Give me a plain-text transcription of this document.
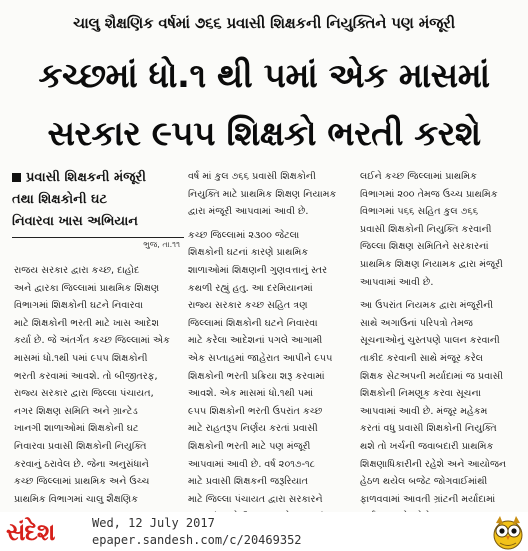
ચાલુ શૈક્ષણિક વર્ષમાં ૭૬૬ પ્રવાસી શિક્ષકની નિયુક્તિને પણ મંજૂરી
કચ્છમાં ધો.૧ થી ૫માં એક માસમાં
સરકાર ૯૫૫ શિક્ષકો ભરતી કરશે
પ્રવાસી શિક્ષકની મંજૂરી
તથા શિક્ષકોની ઘટ
નિવારવા ખાસ અભિયાન
ભુજ, તા.૧૧

રાજય સરકાર દ્વારા કચ્છ, દાહોદ

અને દ્વારકા જિલ્લામાં પ્રાથમિક શિક્ષણ

વિભાગમાં શિક્ષકોની ઘટને નિવારવા

માટે શિક્ષકોની ભરતી માટે ખાસ આદેશ

કર્યા છે. જે અંતર્ગત કચ્છ જિલ્લામાં એક

માસમાં ધો.૧થી પમાં ૯૫૫ શિક્ષકોની

ભરતી કરવામાં આવશે. તો બીજીતરફ,

રાજ્ય સરકાર દ્વારા જિલ્લા પંચાયત,

નગર શિક્ષણ સમિતિ અને ગ્રાન્ટેડ

ખાનગી શાળાઓમાં શિક્ષકોની ઘટ

નિવારવા પ્રવાસી શિક્ષકોની નિયુક્તિ

કરવાનું ઠરાવેલ છે. જેના અનુસંધાને

કચ્છ જિલ્લામાં પ્રાથમિક અને ઉચ્ચ

પ્રાથમિક વિભાગમાં ચાલુ શૈક્ષણિક

વર્ષ માં કુલ ૭૬૬ પ્રવાસી શિક્ષકોની

નિયુક્તિ માટે પ્રાથમિક શિક્ષણ નિયામક

દ્વારા મંજૂરી આપવામાં આવી છે.

કચ્છ જિલ્લામાં ૨૩૦૦ જેટલા

શિક્ષકોની ઘટનાં કારણે પ્રાથમિક

શાળાઓમાં શિક્ષણની ગુણવત્તાનું સ્તર

કથળી રહ્યું હતુ. આ દરમિયાનમાં

રાજ્ય સરકાર કચ્છ સહિત ત્રણ

જિલ્લામાં શિક્ષકોની ઘટને નિવારવા

માટે કરેલા આદેશનાં પગલે આગામી

એક સપ્તાહમાં જાહેરાત આપીને ૯૫૫

શિક્ષકોની ભરતી પ્રક્રિયા શરૂ કરવામાં

આવશે. એક માસમાં ધો.૧થી પમાં

૯૫૫ શિક્ષકોની ભરતી ઉપરાંત કચ્છ

માટે રાહતરૂપ નિર્ણય કરતાં પ્રવાસી

શિક્ષકોની ભરતી માટે પણ મંજૂરી

આપવામાં આવી છે. વર્ષ ૨૦૧૭-૧૮

માટે પ્રવાસી શિક્ષકની જરૂરિયાત

માટે જિલ્લા પંચાયત દ્વારા સરકારને

લઈને કચ્છ જિલ્લામાં પ્રાથમિક

વિભાગમાં ૨૦૦ તેમજ ઉચ્ચ પ્રાથમિક

વિભાગમાં ૫૬૬ સહિત કુલ ૭૬૬

પ્રવાસી શિક્ષકોની નિયુક્તિ કરવાની

જિલ્લા શિક્ષણ સમિતિને સરકારનાં

પ્રાથમિક શિક્ષણ નિયામક દ્વારા મંજૂરી

આપવામાં આવી છે.

આ ઉપરાંત નિયમક દ્વારા મંજૂરીની

સાથે અગાઉનાં પરિપત્રો તેમજ

સૂચનાઓનું ચુસ્તપણે પાલન કરવાની

તાકીદ કરવાની સાથે મંજૂર કરેલ

શિક્ષક સેટઅપની મર્યાદામાં જ પ્રવાસી

શિક્ષકોની નિમણૂક કરવા સૂચના

આપવામાં આવી છે. મંજૂર મહેકમ

કરતાં વધુ પ્રવાસી શિક્ષકોની નિયુક્તિ

થશે તો ખર્ચની જવાબદારી પ્રાથમિક

શિક્ષણાધિકારીની રહેશે અને આયોજન

હેઠળ થયેલ બજેટ જોગવાઈમાંથી

ફાળવવામાં આવતી ગ્રાંટની મર્યાદામાં

સંદેશ	Wed, 12 July 2017
epaper.sandesh.com/c/20469352
